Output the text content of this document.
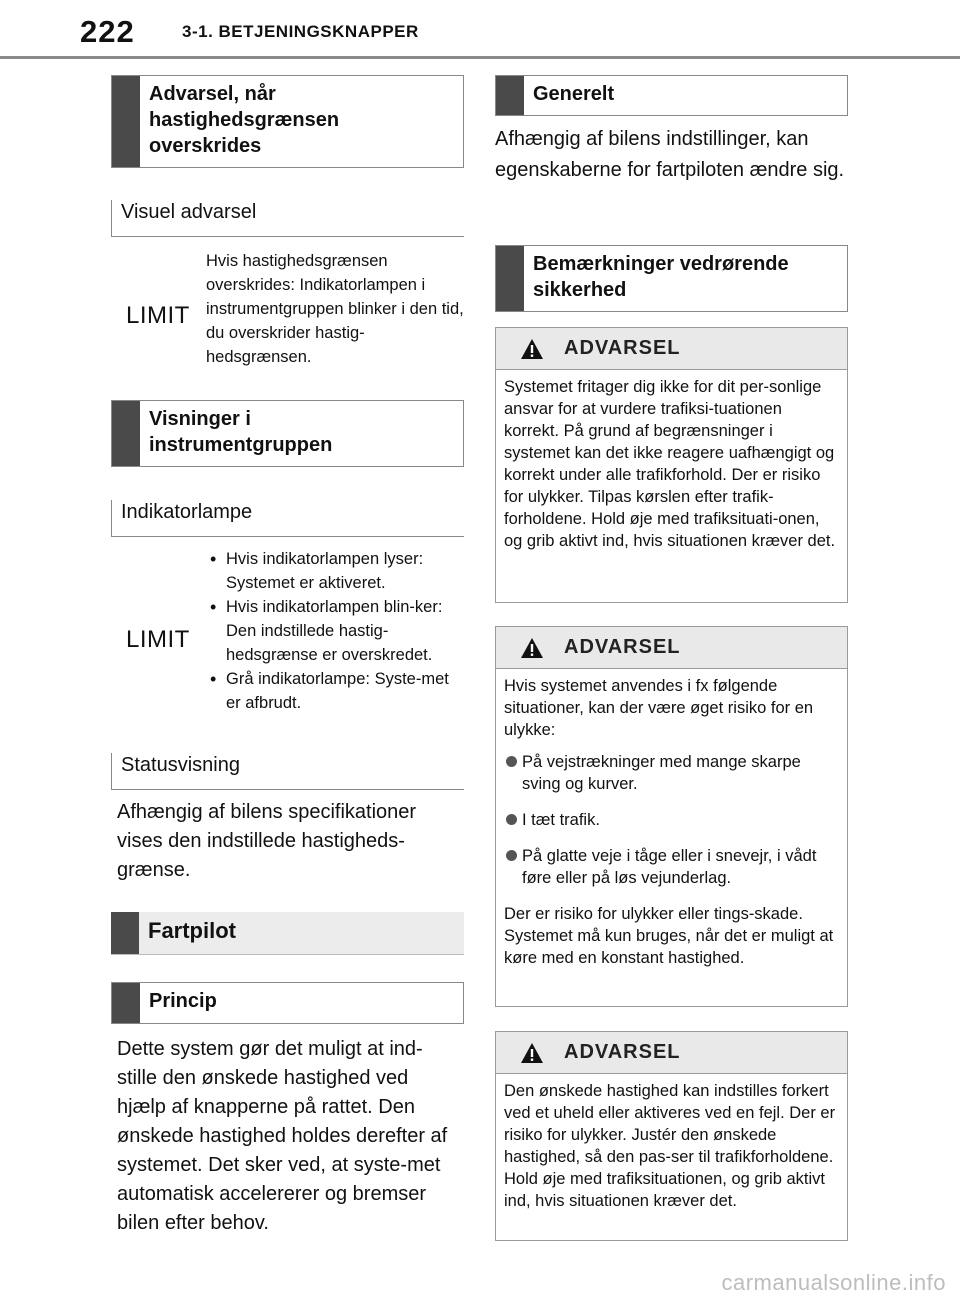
222	3-1. BETJENINGSKNAPPER
Advarsel, når hastighedsgrænsen overskrides
Visuel advarsel
LIMIT
Hvis hastighedsgrænsen overskrides: Indikatorlampen i instrumentgruppen blinker i den tid, du overskrider hastig-hedsgrænsen.
Visninger i instrumentgruppen
Indikatorlampe
LIMIT
• Hvis indikatorlampen lyser: Systemet er aktiveret.
• Hvis indikatorlampen blin-ker: Den indstillede hastig-hedsgrænse er overskredet.
• Grå indikatorlampe: Syste-met er afbrudt.
Statusvisning
Afhængig af bilens specifikationer vises den indstillede hastigheds-grænse.
Fartpilot
Princip
Dette system gør det muligt at ind-stille den ønskede hastighed ved hjælp af knapperne på rattet. Den ønskede hastighed holdes derefter af systemet. Det sker ved, at syste-met automatisk accelererer og bremser bilen efter behov.
Generelt
Afhængig af bilens indstillinger, kan egenskaberne for fartpiloten ændre sig.
Bemærkninger vedrørende sikkerhed
ADVARSEL

Systemet fritager dig ikke for dit per-sonlige ansvar for at vurdere trafiksi-tuationen korrekt. På grund af begrænsninger i systemet kan det ikke reagere uafhængigt og korrekt under alle trafikforhold. Der er risiko for ulykker. Tilpas kørslen efter trafik-forholdene. Hold øje med trafiksituati-onen, og grib aktivt ind, hvis situationen kræver det.

ADVARSEL

Hvis systemet anvendes i fx følgende situationer, kan der være øget risiko for en ulykke:

På vejstrækninger med mange skarpe sving og kurver.
I tæt trafik.
På glatte veje i tåge eller i snevejr, i vådt føre eller på løs vejunderlag.

Der er risiko for ulykker eller tings-skade. Systemet må kun bruges, når det er muligt at køre med en konstant hastighed.

ADVARSEL

Den ønskede hastighed kan indstilles forkert ved et uheld eller aktiveres ved en fejl. Der er risiko for ulykker. Justér den ønskede hastighed, så den pas-ser til trafikforholdene. Hold øje med trafiksituationen, og grib aktivt ind, hvis situationen kræver det.

carmanualsonline.info
